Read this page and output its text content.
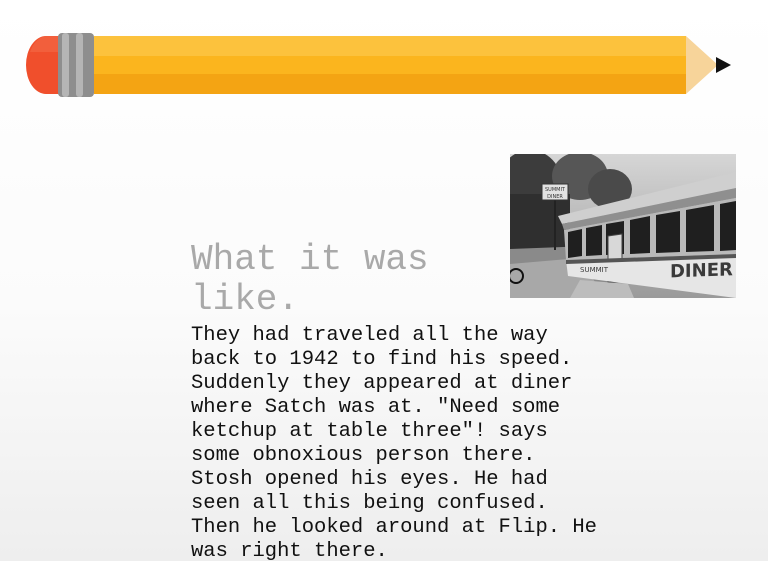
SUMMIT
DINER
DINER
SUMMIT
What it was like.
They had traveled all the way
back to 1942 to find his speed.
Suddenly they appeared at diner
where Satch was at. "Need some
ketchup at table three"! says
some obnoxious person there.
Stosh opened his eyes. He had
seen all this being confused.
Then he looked around at Flip. He
was right there.
